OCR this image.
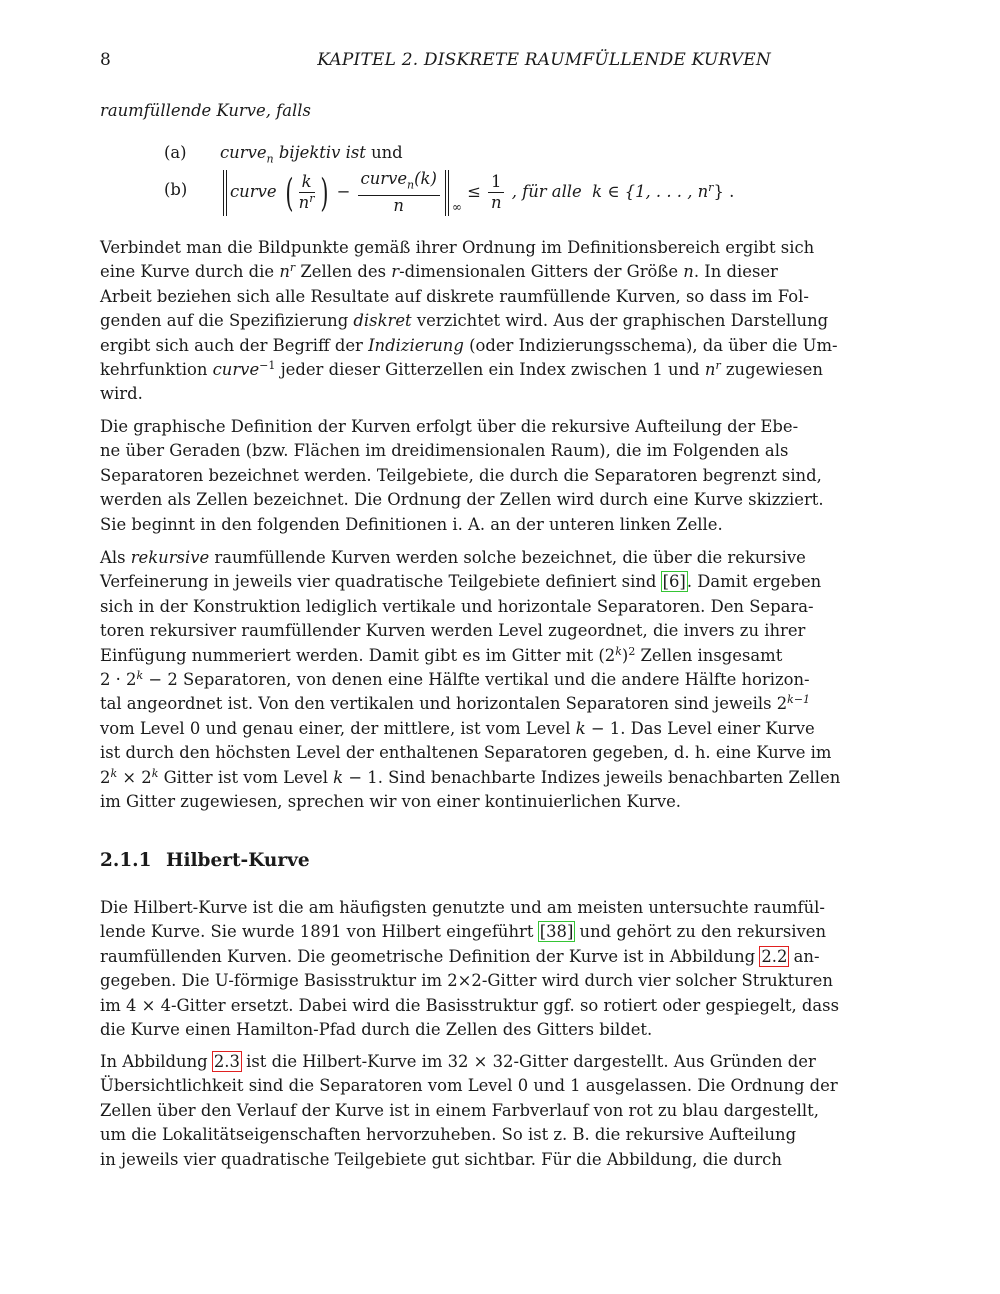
8	KAPITEL 2. DISKRETE RAUMFÜLLENDE KURVEN
raumfüllende Kurve, falls
(a) curve$_n$ bijektiv ist und
(b)	curve ( $\frac{k}{n^r}$ ) − $\frac{curve_n(k)}{n} _\infty \le \frac{1}{n}$ , für alle k ∈ {1, . . . , $n^r$} .
Verbindet man die Bildpunkte gemäß ihrer Ordnung im Definitionsbereich ergibt sich
eine Kurve durch die $n^r$ Zellen des r-dimensionalen Gitters der Größe n. In dieser
Arbeit beziehen sich alle Resultate auf diskrete raumfüllende Kurven, so dass im Fol-
genden auf die Spezifizierung diskret verzichtet wird. Aus der graphischen Darstellung
ergibt sich auch der Begriff der Indizierung (oder Indizierungsschema), da über die Um-
kehrfunktion curve$^{-1}$ jeder dieser Gitterzellen ein Index zwischen 1 und $n^r$ zugewiesen
wird.
Die graphische Definition der Kurven erfolgt über die rekursive Aufteilung der Ebe-
ne über Geraden (bzw. Flächen im dreidimensionalen Raum), die im Folgenden als
Separatoren bezeichnet werden. Teilgebiete, die durch die Separatoren begrenzt sind,
werden als Zellen bezeichnet. Die Ordnung der Zellen wird durch eine Kurve skizziert.
Sie beginnt in den folgenden Definitionen i. A. an der unteren linken Zelle.
Als rekursive raumfüllende Kurven werden solche bezeichnet, die über die rekursive
Verfeinerung in jeweils vier quadratische Teilgebiete definiert sind [6]. Damit ergeben
sich in der Konstruktion lediglich vertikale und horizontale Separatoren. Den Separa-
toren rekursiver raumfüllender Kurven werden Level zugeordnet, die invers zu ihrer
Einfügung nummeriert werden. Damit gibt es im Gitter mit $(2^k)^2$ Zellen insgesamt
$2 \cdot 2^k - 2$ Separatoren, von denen eine Hälfte vertikal und die andere Hälfte horizon-
tal angeordnet ist. Von den vertikalen und horizontalen Separatoren sind jeweils $2^{k-1}$
vom Level 0 und genau einer, der mittlere, ist vom Level k − 1. Das Level einer Kurve
ist durch den höchsten Level der enthaltenen Separatoren gegeben, d. h. eine Kurve im
$2^k \times 2^k$ Gitter ist vom Level k − 1. Sind benachbarte Indizes jeweils benachbarten Zellen
im Gitter zugewiesen, sprechen wir von einer kontinuierlichen Kurve.
2.1.1 Hilbert-Kurve
Die Hilbert-Kurve ist die am häufigsten genutzte und am meisten untersuchte raumfül-
lende Kurve. Sie wurde 1891 von Hilbert eingeführt [38] und gehört zu den rekursiven
raumfüllenden Kurven. Die geometrische Definition der Kurve ist in Abbildung 2.2 an-
gegeben. Die U-förmige Basisstruktur im 2×2-Gitter wird durch vier solcher Strukturen
im 4 × 4-Gitter ersetzt. Dabei wird die Basisstruktur ggf. so rotiert oder gespiegelt, dass
die Kurve einen Hamilton-Pfad durch die Zellen des Gitters bildet.
In Abbildung 2.3 ist die Hilbert-Kurve im 32 × 32-Gitter dargestellt. Aus Gründen der
Übersichtlichkeit sind die Separatoren vom Level 0 und 1 ausgelassen. Die Ordnung der
Zellen über den Verlauf der Kurve ist in einem Farbverlauf von rot zu blau dargestellt,
um die Lokalitätseigenschaften hervorzuheben. So ist z. B. die rekursive Aufteilung
in jeweils vier quadratische Teilgebiete gut sichtbar. Für die Abbildung, die durch
